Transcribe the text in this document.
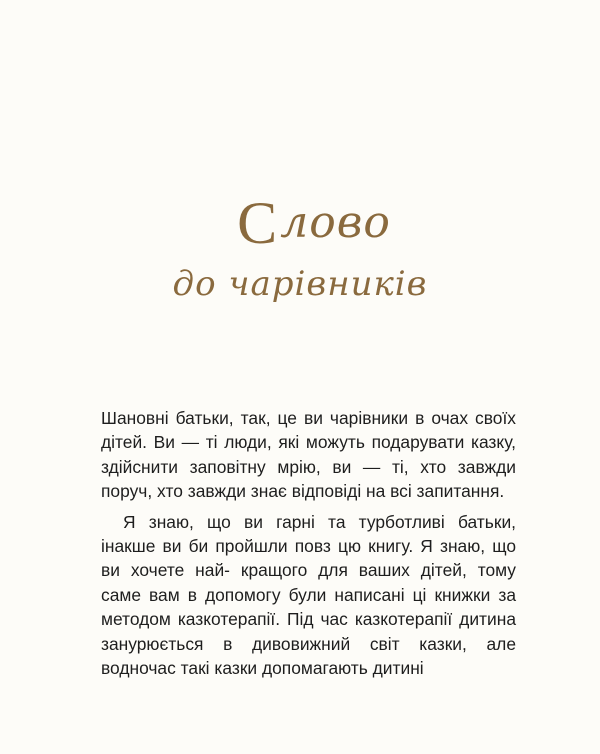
Слово
до чарівників

Шановні батьки, так, це ви чарівники в очах своїх дітей. Ви — ті люди, які можуть подарувати казку, здійснити заповітну мрію, ви — ті, хто завжди поруч, хто завжди знає відповіді на всі запитання.

Я знаю, що ви гарні та турботливі батьки, інакше ви би пройшли повз цю книгу. Я знаю, що ви хочете най- кращого для ваших дітей, тому саме вам в допомогу були написані ці книжки за методом казкотерапії. Під час казкотерапії дитина занурюється в дивовижний світ казки, але водночас такі казки допомагають дитині
